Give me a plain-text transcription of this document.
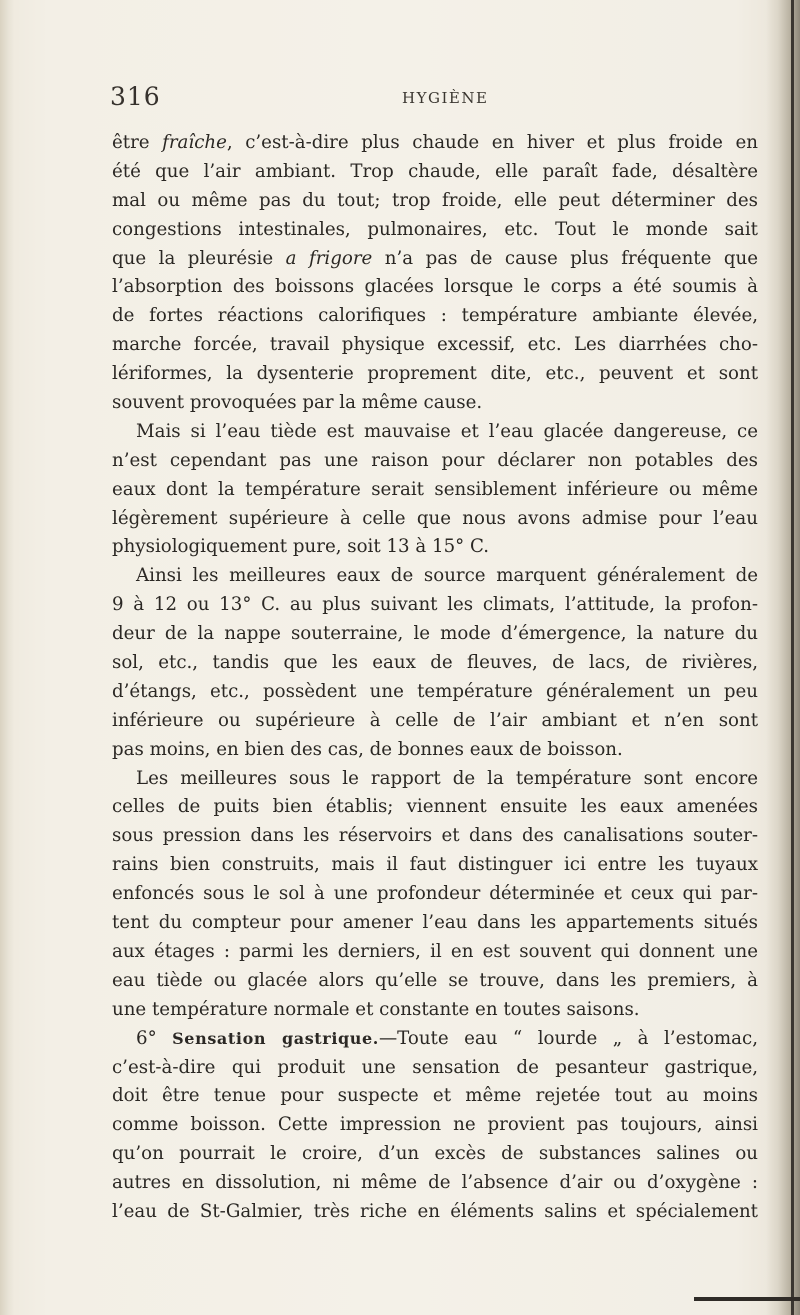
316	HYGIÈNE
être fraîche, c’est-à-dire plus chaude en hiver et plus froide en
été que l’air ambiant. Trop chaude, elle paraît fade, désaltère
mal ou même pas du tout; trop froide, elle peut déterminer des
congestions intestinales, pulmonaires, etc. Tout le monde sait
que la pleurésie a frigore n’a pas de cause plus fréquente que
l’absorption des boissons glacées lorsque le corps a été soumis à
de fortes réactions calorifiques : température ambiante élevée,
marche forcée, travail physique excessif, etc. Les diarrhées cho-
lériformes, la dysenterie proprement dite, etc., peuvent et sont
souvent provoquées par la même cause.
Mais si l’eau tiède est mauvaise et l’eau glacée dangereuse, ce
n’est cependant pas une raison pour déclarer non potables des
eaux dont la température serait sensiblement inférieure ou même
légèrement supérieure à celle que nous avons admise pour l’eau
physiologiquement pure, soit 13 à 15° C.
Ainsi les meilleures eaux de source marquent généralement de
9 à 12 ou 13° C. au plus suivant les climats, l’attitude, la profon-
deur de la nappe souterraine, le mode d’émergence, la nature du
sol, etc., tandis que les eaux de fleuves, de lacs, de rivières,
d’étangs, etc., possèdent une température généralement un peu
inférieure ou supérieure à celle de l’air ambiant et n’en sont
pas moins, en bien des cas, de bonnes eaux de boisson.
Les meilleures sous le rapport de la température sont encore
celles de puits bien établis; viennent ensuite les eaux amenées
sous pression dans les réservoirs et dans des canalisations souter-
rains bien construits, mais il faut distinguer ici entre les tuyaux
enfoncés sous le sol à une profondeur déterminée et ceux qui par-
tent du compteur pour amener l’eau dans les appartements situés
aux étages : parmi les derniers, il en est souvent qui donnent une
eau tiède ou glacée alors qu’elle se trouve, dans les premiers, à
une température normale et constante en toutes saisons.
6° Sensation gastrique.—Toute eau “ lourde „ à l’estomac,
c’est-à-dire qui produit une sensation de pesanteur gastrique,
doit être tenue pour suspecte et même rejetée tout au moins
comme boisson. Cette impression ne provient pas toujours, ainsi
qu’on pourrait le croire, d’un excès de substances salines ou
autres en dissolution, ni même de l’absence d’air ou d’oxygène :
l’eau de St-Galmier, très riche en éléments salins et spécialement
